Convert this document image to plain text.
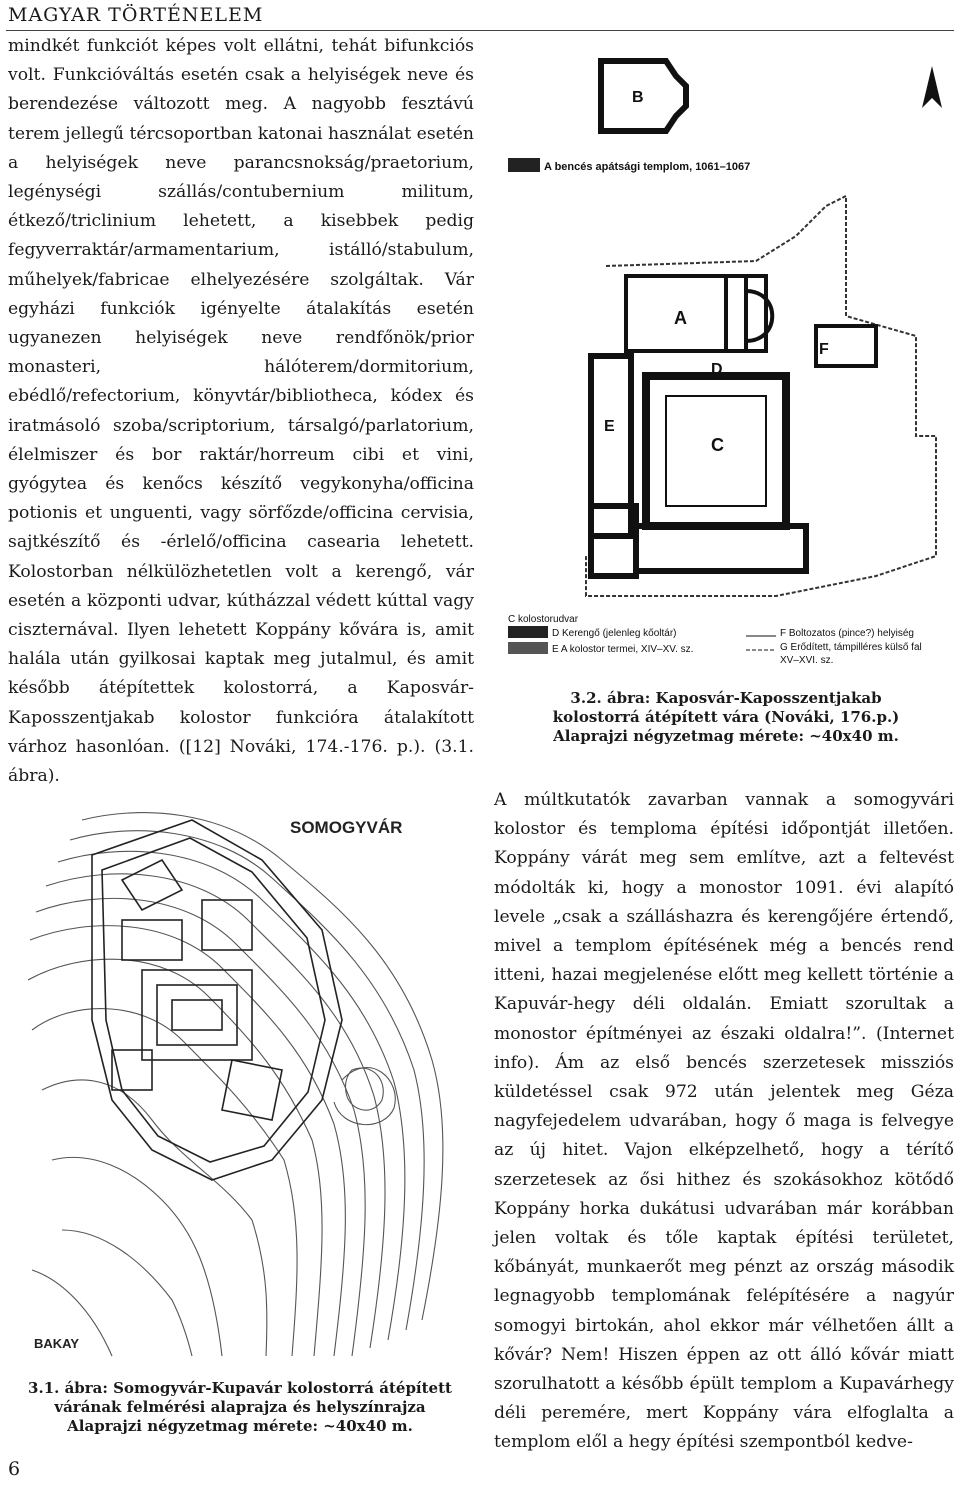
MAGYAR TÖRTÉNELEM

mindkét funkciót képes volt ellátni, tehát bifunkciós volt. Funkcióváltás esetén csak a helyiségek neve és berendezése változott meg. A nagyobb fesztávú terem jellegű tércsoportban katonai használat esetén a helyiségek neve parancsnokság/praetorium, legénységi szállás/contubernium militum, étkező/triclinium lehetett, a kisebbek pedig fegyverraktár/armamentarium, istálló/stabulum, műhelyek/fabricae elhelyezésére szolgáltak. Vár egyházi funkciók igényelte átalakítás esetén ugyanezen helyiségek neve rendfőnök/prior monasteri, hálóterem/dormitorium, ebédlő/refectorium, könyvtár/bibliotheca, kódex és iratmásoló szoba/scriptorium, társalgó/parlatorium, élelmiszer és bor raktár/horreum cibi et vini, gyógytea és kenőcs készítő vegykonyha/officina potionis et unguenti, vagy sörfőzde/officina cervisia, sajtkészítő és -érlelő/officina casearia lehetett. Kolostorban nélkülözhetetlen volt a kerengő, vár esetén a központi udvar, kútházzal védett kúttal vagy ciszternával. Ilyen lehetett Koppány kővára is, amit halála után gyilkosai kaptak meg jutalmul, és amit később átépítettek kolostorrá, a Kaposvár-Kaposszentjakab kolostor funkcióra átalakított várhoz hasonlóan. ([12] Nováki, 174.-176. p.). (3.1. ábra).

SOMOGYVÁR
BAKAY
3.1. ábra: Somogyvár-Kupavár kolostorrá átépített
várának felmérési alaprajza és helyszínrajza
Alaprajzi négyzetmag mérete: ~40x40 m.
B
A bencés apátsági templom, 1061–1067
A
C
D
E
F
C kolostorudvar
D Kerengő (jelenleg kőoltár)
E A kolostor termei, XIV–XV. sz.
F Boltozatos (pince?) helyiség
G Erődített, támpilléres külső fal
XV–XVI. sz.
3.2. ábra: Kaposvár-Kaposszentjakab
kolostorrá átépített vára (Nováki, 176.p.)
Alaprajzi négyzetmag mérete: ~40x40 m.

A múltkutatók zavarban vannak a somogyvári kolostor és temploma építési időpontját illetően. Koppány várát meg sem említve, azt a feltevést módolták ki, hogy a monostor 1091. évi alapító levele „csak a szálláshazra és kerengőjére értendő, mivel a templom építésének még a bencés rend itteni, hazai megjelenése előtt meg kellett történie a Kapuvár-hegy déli oldalán. Emiatt szorultak a monostor építményei az északi oldalra!”. (Internet info). Ám az első bencés szerzetesek missziós küldetéssel csak 972 után jelentek meg Géza nagyfejedelem udvarában, hogy ő maga is felvegye az új hitet. Vajon elképzelhető, hogy a térítő szerzetesek az ősi hithez és szokásokhoz kötődő Koppány horka dukátusi udvarában már korábban jelen voltak és tőle kaptak építési területet, kőbányát, munkaerőt meg pénzt az ország második legnagyobb templomának felépítésére a nagyúr somogyi birtokán, ahol ekkor már vélhetően állt a kővár? Nem! Hiszen éppen az ott álló kővár miatt szorulhatott a később épült templom a Kupavárhegy déli peremére, mert Koppány vára elfoglalta a templom elől a hegy építési szempontból kedve-

6
